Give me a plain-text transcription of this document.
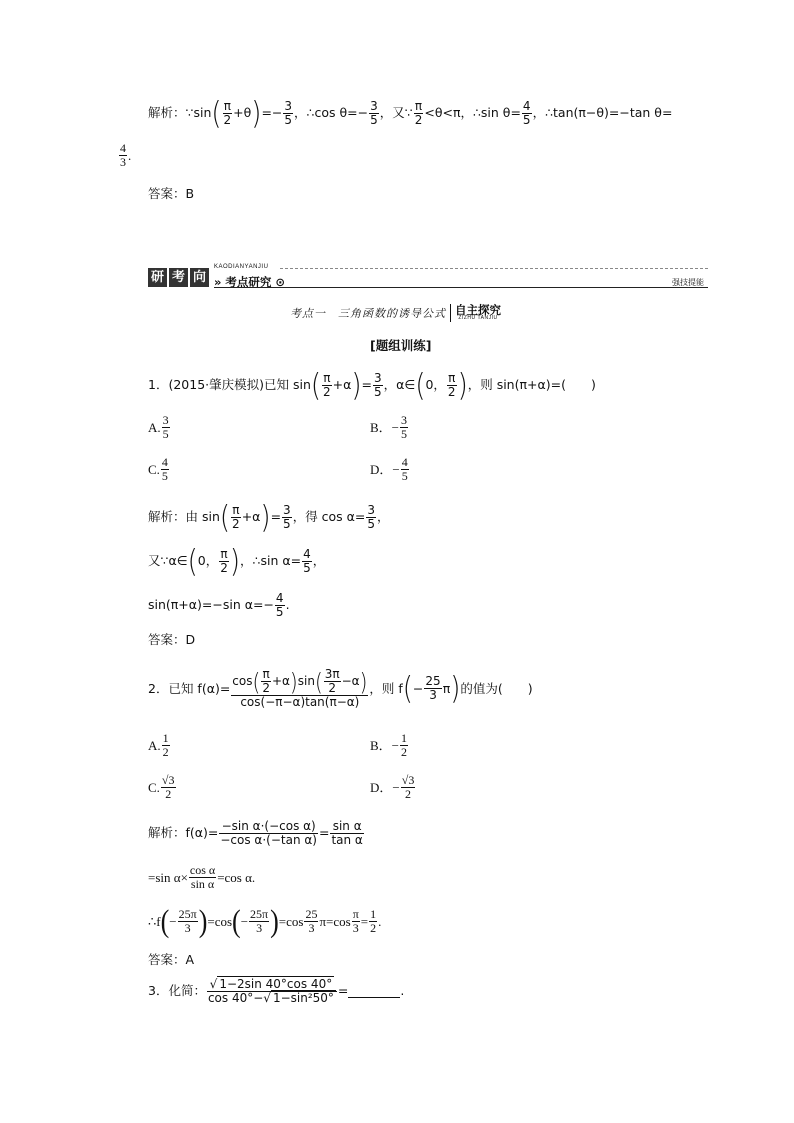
解析：∵sin ( $\frac{\pi}{2} +\theta$ ) =− $\frac{3}{5}$ ，∴cos $\theta=- \frac{3}{5}$ ，又∵ $\frac{\pi}{2} <\theta<\pi$，∴sin $\theta= \frac{4}{5}$ ，∴tan(π−θ)=−tan θ=
$\frac{4}{3}$ .
答案：B
研 考 向
KAODIANYANJIU
» 考点研究 ⊙	强技提能
考点一　三角函数的诱导公式 自主探究
ZIZHU TANJIU
[题组训练]
1．(2015·肇庆模拟)已知 sin ( $\frac{\pi}{2} +\alpha$ ) = $\frac{3}{5}$ ，α∈ ( 0， $\frac{\pi}{2}$ ) ，则 sin(π+α)=(　　)
A. $\frac{3}{5}$	B．− $\frac{3}{5}$
C. $\frac{4}{5}$	D．− $\frac{4}{5}$
解析：由 sin ( $\frac{\pi}{2} +\alpha$ ) = $\frac{3}{5}$ ，得 $\cos \alpha= \frac{3}{5}$ ，
又∵α∈ ( 0， $\frac{\pi}{2}$ ) ，∴sin $\alpha= \frac{4}{5}$ ，
sin(π+α)=−sin $\alpha=- \frac{4}{5}$ .
答案：D
2．已知 $f(\alpha)= \frac{\cos ( \frac{\pi}{2} +\alpha ) \sin ( \frac{3\pi}{2} -\alpha )}{\cos(-\pi-\alpha)\tan(\pi-\alpha)}$ ，则 f ( − $\frac{25}{3}$ π ) 的值为(　　)
A. $\frac{1}{2}$	B．− $\frac{1}{2}$
C. $\frac{√3}{2}$	D．− $\frac{√3}{2}$
解析：$f(\alpha)= \frac{\text{−sin α·(−cos α)}}{\text{−cos α·(−tan α)}} = \frac{\text{sin α}}{\text{tan α}}$
=sin $\alpha\times \frac{\text{cos α}}{\text{sin α}} =\cos$ α.
∴f ( − $\frac{25\pi}{3}$ ) =cos ( − $\frac{25\pi}{3}$ ) $=\cos \frac{25}{3} \pi=\cos \frac{\pi}{3} = \frac{1}{2}$ .
答案：A
3．化简： $\frac{√ 1-2\sin 40^\circ\cos 40^\circ}{\text{cos 40°−√ 1−sin²50°}}$ =	.
